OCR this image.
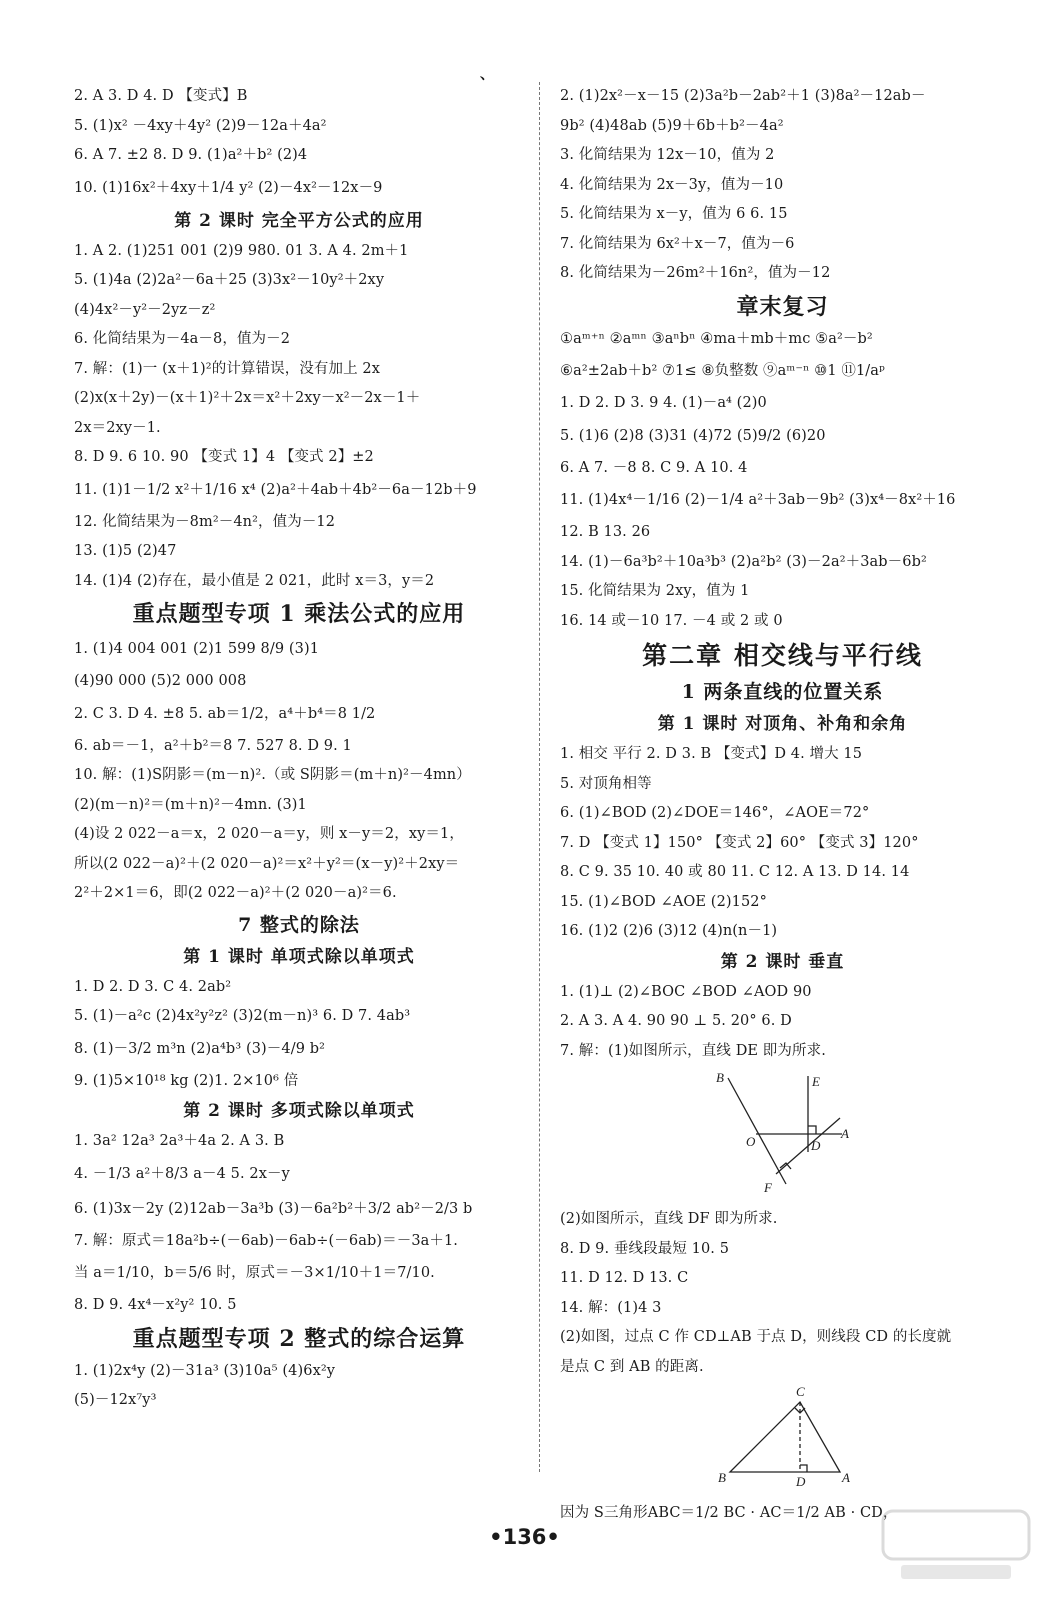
、
2. A 3. D 4. D 【变式】B
5. (1)x² －4xy＋4y² (2)9－12a＋4a²
6. A 7. ±2 8. D 9. (1)a²＋b² (2)4
10. (1)16x²＋4xy＋1/4 y² (2)－4x²－12x－9
第 2 课时 完全平方公式的应用
1. A 2. (1)251 001 (2)9 980. 01 3. A 4. 2m＋1
5. (1)4a (2)2a²－6a＋25 (3)3x²－10y²＋2xy
(4)4x²－y²－2yz－z²
6. 化简结果为－4a－8，值为－2
7. 解：(1)一 (x＋1)²的计算错误，没有加上 2x
(2)x(x＋2y)－(x＋1)²＋2x＝x²＋2xy－x²－2x－1＋
2x＝2xy－1.
8. D 9. 6 10. 90 【变式 1】4 【变式 2】±2
11. (1)1－1/2 x²＋1/16 x⁴ (2)a²＋4ab＋4b²－6a－12b＋9
12. 化简结果为－8m²－4n²，值为－12
13. (1)5 (2)47
14. (1)4 (2)存在，最小值是 2 021，此时 x＝3，y＝2
重点题型专项 1 乘法公式的应用
1. (1)4 004 001 (2)1 599 8/9 (3)1
(4)90 000 (5)2 000 008
2. C 3. D 4. ±8 5. ab＝1/2，a⁴＋b⁴＝8 1/2
6. ab＝－1，a²＋b²＝8 7. 527 8. D 9. 1
10. 解：(1)S阴影＝(m－n)².（或 S阴影＝(m＋n)²－4mn）
(2)(m－n)²＝(m＋n)²－4mn. (3)1
(4)设 2 022－a＝x，2 020－a＝y，则 x－y＝2，xy＝1，
所以(2 022－a)²＋(2 020－a)²＝x²＋y²＝(x－y)²＋2xy＝
2²＋2×1＝6，即(2 022－a)²＋(2 020－a)²＝6.
7 整式的除法
第 1 课时 单项式除以单项式
1. D 2. D 3. C 4. 2ab²
5. (1)－a²c (2)4x²y²z² (3)2(m－n)³ 6. D 7. 4ab³
8. (1)－3/2 m³n (2)a⁴b³ (3)－4/9 b²
9. (1)5×10¹⁸ kg (2)1. 2×10⁶ 倍
第 2 课时 多项式除以单项式
1. 3a² 12a³ 2a³＋4a 2. A 3. B
4. －1/3 a²＋8/3 a－4 5. 2x－y
6. (1)3x－2y (2)12ab－3a³b (3)－6a²b²＋3/2 ab²－2/3 b
7. 解：原式＝18a²b÷(－6ab)－6ab÷(－6ab)＝－3a＋1.
当 a＝1/10，b＝5/6 时，原式＝－3×1/10＋1＝7/10.
8. D 9. 4x⁴－x²y² 10. 5
重点题型专项 2 整式的综合运算
1. (1)2x⁴y (2)－31a³ (3)10a⁵ (4)6x²y
(5)－12x⁷y³
2. (1)2x²－x－15 (2)3a²b－2ab²＋1 (3)8a²－12ab－
9b² (4)48ab (5)9＋6b＋b²－4a²
3. 化简结果为 12x－10，值为 2
4. 化简结果为 2x－3y，值为－10
5. 化简结果为 x－y，值为 6 6. 15
7. 化简结果为 6x²＋x－7，值为－6
8. 化简结果为－26m²＋16n²，值为－12
章末复习
①aᵐ⁺ⁿ ②aᵐⁿ ③aⁿbⁿ ④ma＋mb＋mc ⑤a²－b²
⑥a²±2ab＋b² ⑦1≤ ⑧负整数 ⑨aᵐ⁻ⁿ ⑩1 ⑪1/aᵖ
1. D 2. D 3. 9 4. (1)－a⁴ (2)0
5. (1)6 (2)8 (3)31 (4)72 (5)9/2 (6)20
6. A 7. －8 8. C 9. A 10. 4
11. (1)4x⁴－1/16 (2)－1/4 a²＋3ab－9b² (3)x⁴－8x²＋16
12. B 13. 26
14. (1)－6a³b²＋10a³b³ (2)a²b² (3)－2a²＋3ab－6b²
15. 化简结果为 2xy，值为 1
16. 14 或－10 17. －4 或 2 或 0
第二章 相交线与平行线
1 两条直线的位置关系
第 1 课时 对顶角、补角和余角
1. 相交 平行 2. D 3. B 【变式】D 4. 增大 15
5. 对顶角相等
6. (1)∠BOD (2)∠DOE＝146°，∠AOE＝72°
7. D 【变式 1】150° 【变式 2】60° 【变式 3】120°
8. C 9. 35 10. 40 或 80 11. C 12. A 13. D 14. 14
15. (1)∠BOD ∠AOE (2)152°
16. (1)2 (2)6 (3)12 (4)n(n－1)
第 2 课时 垂直
1. (1)⊥ (2)∠BOC ∠BOD ∠AOD 90
2. A 3. A 4. 90 90 ⊥ 5. 20° 6. D
7. 解：(1)如图所示，直线 DE 即为所求.
B	E
O	D
A
F
(2)如图所示，直线 DF 即为所求.
8. D 9. 垂线段最短 10. 5
11. D 12. D 13. C
14. 解：(1)4 3
(2)如图，过点 C 作 CD⊥AB 于点 D，则线段 CD 的长度就
是点 C 到 AB 的距离.
C
B	D	A
因为 S三角形ABC＝1/2 BC · AC＝1/2 AB · CD，
•136•
